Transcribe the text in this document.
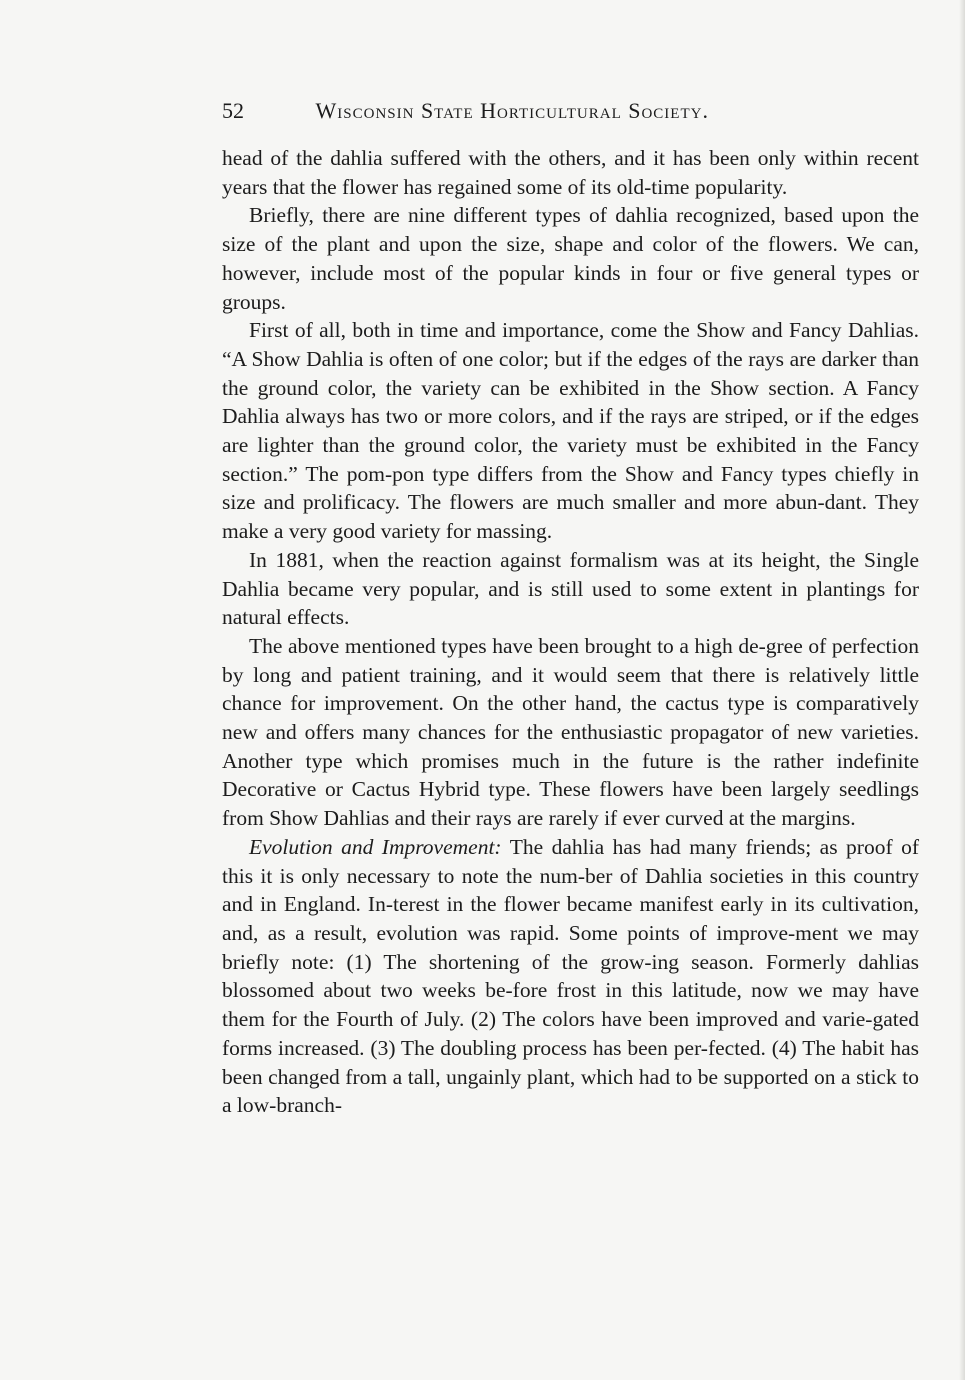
52	Wisconsin State Horticultural Society.

head of the dahlia suffered with the others, and it has been only within recent years that the flower has regained some of its old-time popularity.

Briefly, there are nine different types of dahlia recognized, based upon the size of the plant and upon the size, shape and color of the flowers. We can, however, include most of the popular kinds in four or five general types or groups.

First of all, both in time and importance, come the Show and Fancy Dahlias. “A Show Dahlia is often of one color; but if the edges of the rays are darker than the ground color, the variety can be exhibited in the Show section. A Fancy Dahlia always has two or more colors, and if the rays are striped, or if the edges are lighter than the ground color, the variety must be exhibited in the Fancy section.” The pom-pon type differs from the Show and Fancy types chiefly in size and prolificacy. The flowers are much smaller and more abun-dant. They make a very good variety for massing.

In 1881, when the reaction against formalism was at its height, the Single Dahlia became very popular, and is still used to some extent in plantings for natural effects.

The above mentioned types have been brought to a high de-gree of perfection by long and patient training, and it would seem that there is relatively little chance for improvement. On the other hand, the cactus type is comparatively new and offers many chances for the enthusiastic propagator of new varieties. Another type which promises much in the future is the rather indefinite Decorative or Cactus Hybrid type. These flowers have been largely seedlings from Show Dahlias and their rays are rarely if ever curved at the margins.

Evolution and Improvement: The dahlia has had many friends; as proof of this it is only necessary to note the num-ber of Dahlia societies in this country and in England. In-terest in the flower became manifest early in its cultivation, and, as a result, evolution was rapid. Some points of improve-ment we may briefly note: (1) The shortening of the grow-ing season. Formerly dahlias blossomed about two weeks be-fore frost in this latitude, now we may have them for the Fourth of July. (2) The colors have been improved and varie-gated forms increased. (3) The doubling process has been per-fected. (4) The habit has been changed from a tall, ungainly plant, which had to be supported on a stick to a low-branch-
